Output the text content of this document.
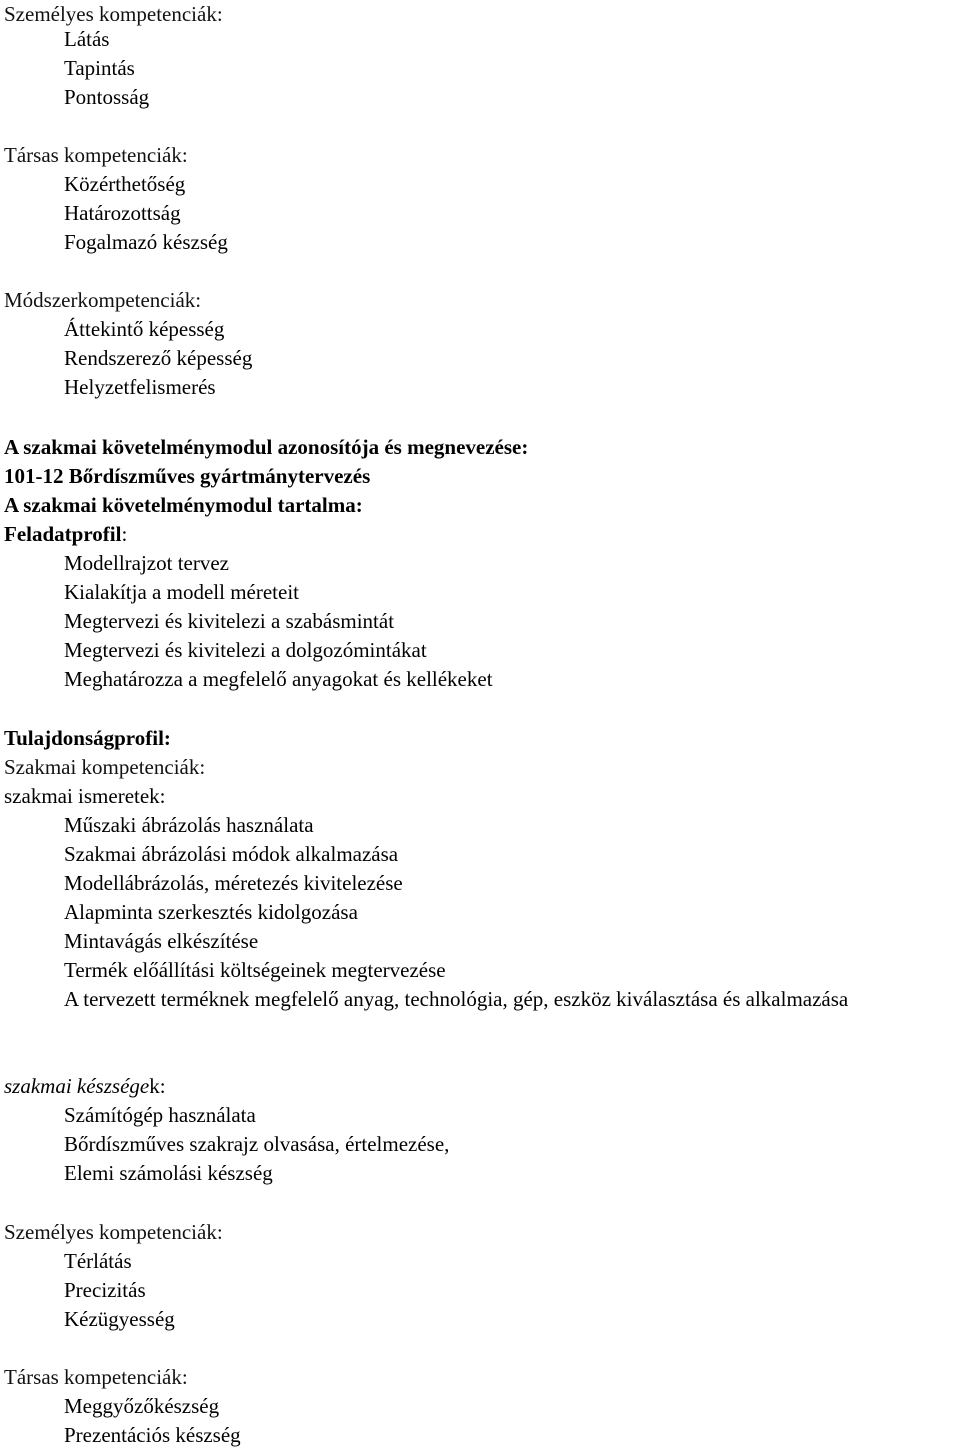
Személyes kompetenciák:
Látás
Tapintás
Pontosság
Társas kompetenciák:
Közérthetőség
Határozottság
Fogalmazó készség
Módszerkompetenciák:
Áttekintő képesség
Rendszerező képesség
Helyzetfelismerés
A szakmai követelménymodul azonosítója és megnevezése:
101-12 Bőrdíszműves gyártmánytervezés
A szakmai követelménymodul tartalma:
Feladatprofil:
Modellrajzot tervez
Kialakítja a modell méreteit
Megtervezi és kivitelezi a szabásmintát
Megtervezi és kivitelezi a dolgozómintákat
Meghatározza a megfelelő anyagokat és kellékeket
Tulajdonságprofil:
Szakmai kompetenciák:
szakmai ismeretek:
Műszaki ábrázolás használata
Szakmai ábrázolási módok alkalmazása
Modellábrázolás, méretezés kivitelezése
Alapminta szerkesztés kidolgozása
Mintavágás elkészítése
Termék előállítási költségeinek megtervezése
A tervezett terméknek megfelelő anyag, technológia, gép, eszköz kiválasztása és alkalmazása
szakmai készségek:
Számítógép használata
Bőrdíszműves szakrajz olvasása, értelmezése,
Elemi számolási készség
Személyes kompetenciák:
Térlátás
Precizitás
Kézügyesség
Társas kompetenciák:
Meggyőzőkészség
Prezentációs készség
